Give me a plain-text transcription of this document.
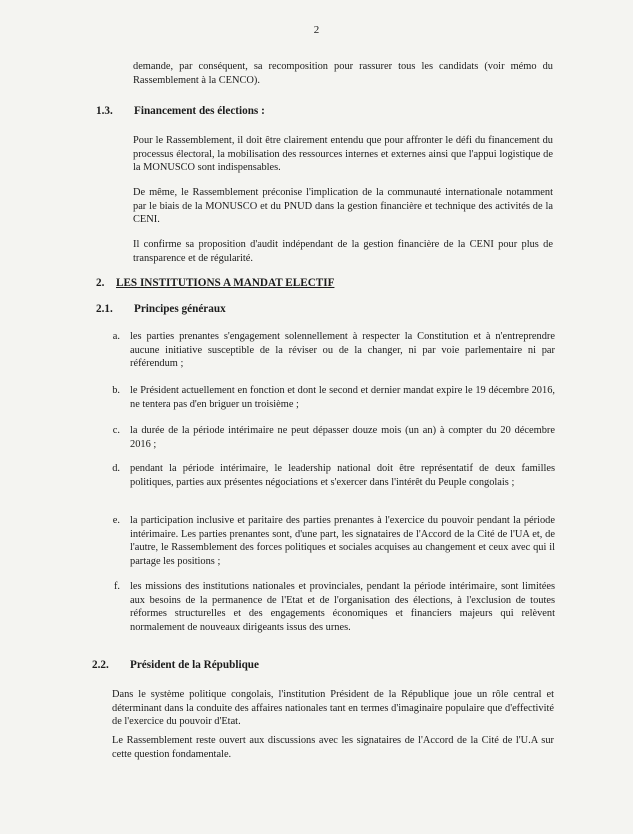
2

demande, par conséquent, sa recomposition pour rassurer tous les candidats (voir mémo du Rassemblement à la CENCO).

1.3. Financement des élections :

Pour le Rassemblement, il doit être clairement entendu que pour affronter le défi du financement du processus électoral, la mobilisation des ressources internes et externes ainsi que l'appui logistique de la MONUSCO sont indispensables.

De même, le Rassemblement préconise l'implication de la communauté internationale notamment par le biais de la MONUSCO et du PNUD dans la gestion financière et technique des activités de la CENI.

Il confirme sa proposition d'audit indépendant de la gestion financière de la CENI pour plus de transparence et de régularité.

2. LES INSTITUTIONS A MANDAT ELECTIF
2.1. Principes généraux
a. les parties prenantes s'engagement solennellement à respecter la Constitution et à n'entreprendre aucune initiative susceptible de la réviser ou de la changer, ni par voie parlementaire ni par référendum ;

b. le Président actuellement en fonction et dont le second et dernier mandat expire le 19 décembre 2016, ne tentera pas d'en briguer un troisième ;

c. la durée de la période intérimaire ne peut dépasser douze mois (un an) à compter du 20 décembre 2016 ;

d. pendant la période intérimaire, le leadership national doit être représentatif de deux familles politiques, parties aux présentes négociations et s'exercer dans l'intérêt du Peuple congolais ;

e. la participation inclusive et paritaire des parties prenantes à l'exercice du pouvoir pendant la période intérimaire. Les parties prenantes sont, d'une part, les signataires de l'Accord de la Cité de l'UA et, de l'autre, le Rassemblement des forces politiques et sociales acquises au changement et ceux avec qui il partage les positions ;

f. les missions des institutions nationales et provinciales, pendant la période intérimaire, sont limitées aux besoins de la permanence de l'Etat et de l'organisation des élections, à l'exclusion de toutes réformes structurelles et des engagements économiques et financiers majeurs qui relèvent normalement de nouveaux dirigeants issus des urnes.

2.2. Président de la République

Dans le système politique congolais, l'institution Président de la République joue un rôle central et déterminant dans la conduite des affaires nationales tant en termes d'imaginaire populaire que d'effectivité de l'exercice du pouvoir d'Etat.

Le Rassemblement reste ouvert aux discussions avec les signataires de l'Accord de la Cité de l'U.A sur cette question fondamentale.
